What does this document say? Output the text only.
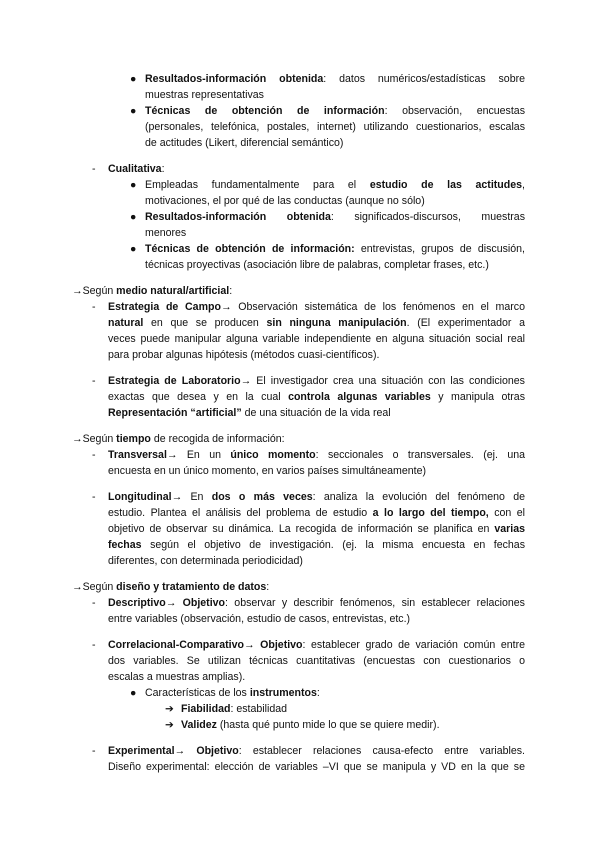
● Resultados-información obtenida: datos numéricos/estadísticas sobre
muestras representativas
● Técnicas de obtención de información: observación, encuestas
(personales, telefónica, postales, internet) utilizando cuestionarios, escalas
de actitudes (Likert, diferencial semántico)
- Cualitativa:
● Empleadas fundamentalmente para el estudio de las actitudes,
motivaciones, el por qué de las conductas (aunque no sólo)
● Resultados-información obtenida: significados-discursos, muestras
menores
● Técnicas de obtención de información: entrevistas, grupos de discusión,
técnicas proyectivas (asociación libre de palabras, completar frases, etc.)
→Según medio natural/artificial:
- Estrategia de Campo→ Observación sistemática de los fenómenos en el marco
natural en que se producen sin ninguna manipulación. (El experimentador a
veces puede manipular alguna variable independiente en alguna situación social real
para probar algunas hipótesis (métodos cuasi-científicos).
- Estrategia de Laboratorio→ El investigador crea una situación con las condiciones
exactas que desea y en la cual controla algunas variables y manipula otras
Representación “artificial” de una situación de la vida real
→Según tiempo de recogida de información:
- Transversal→ En un único momento: seccionales o transversales. (ej. una
encuesta en un único momento, en varios países simultáneamente)
- Longitudinal→ En dos o más veces: analiza la evolución del fenómeno de
estudio. Plantea el análisis del problema de estudio a lo largo del tiempo, con el
objetivo de observar su dinámica. La recogida de información se planifica en varias
fechas según el objetivo de investigación. (ej. la misma encuesta en fechas
diferentes, con determinada periodicidad)
→Según diseño y tratamiento de datos:
- Descriptivo→ Objetivo: observar y describir fenómenos, sin establecer relaciones
entre variables (observación, estudio de casos, entrevistas, etc.)
- Correlacional-Comparativo→ Objetivo: establecer grado de variación común entre
dos variables. Se utilizan técnicas cuantitativas (encuestas con cuestionarios o
escalas a muestras amplias).
● Características de los instrumentos:
➔ Fiabilidad: estabilidad
➔ Validez (hasta qué punto mide lo que se quiere medir).
- Experimental→ Objetivo: establecer relaciones causa-efecto entre variables.
Diseño experimental: elección de variables –VI que se manipula y VD en la que se
